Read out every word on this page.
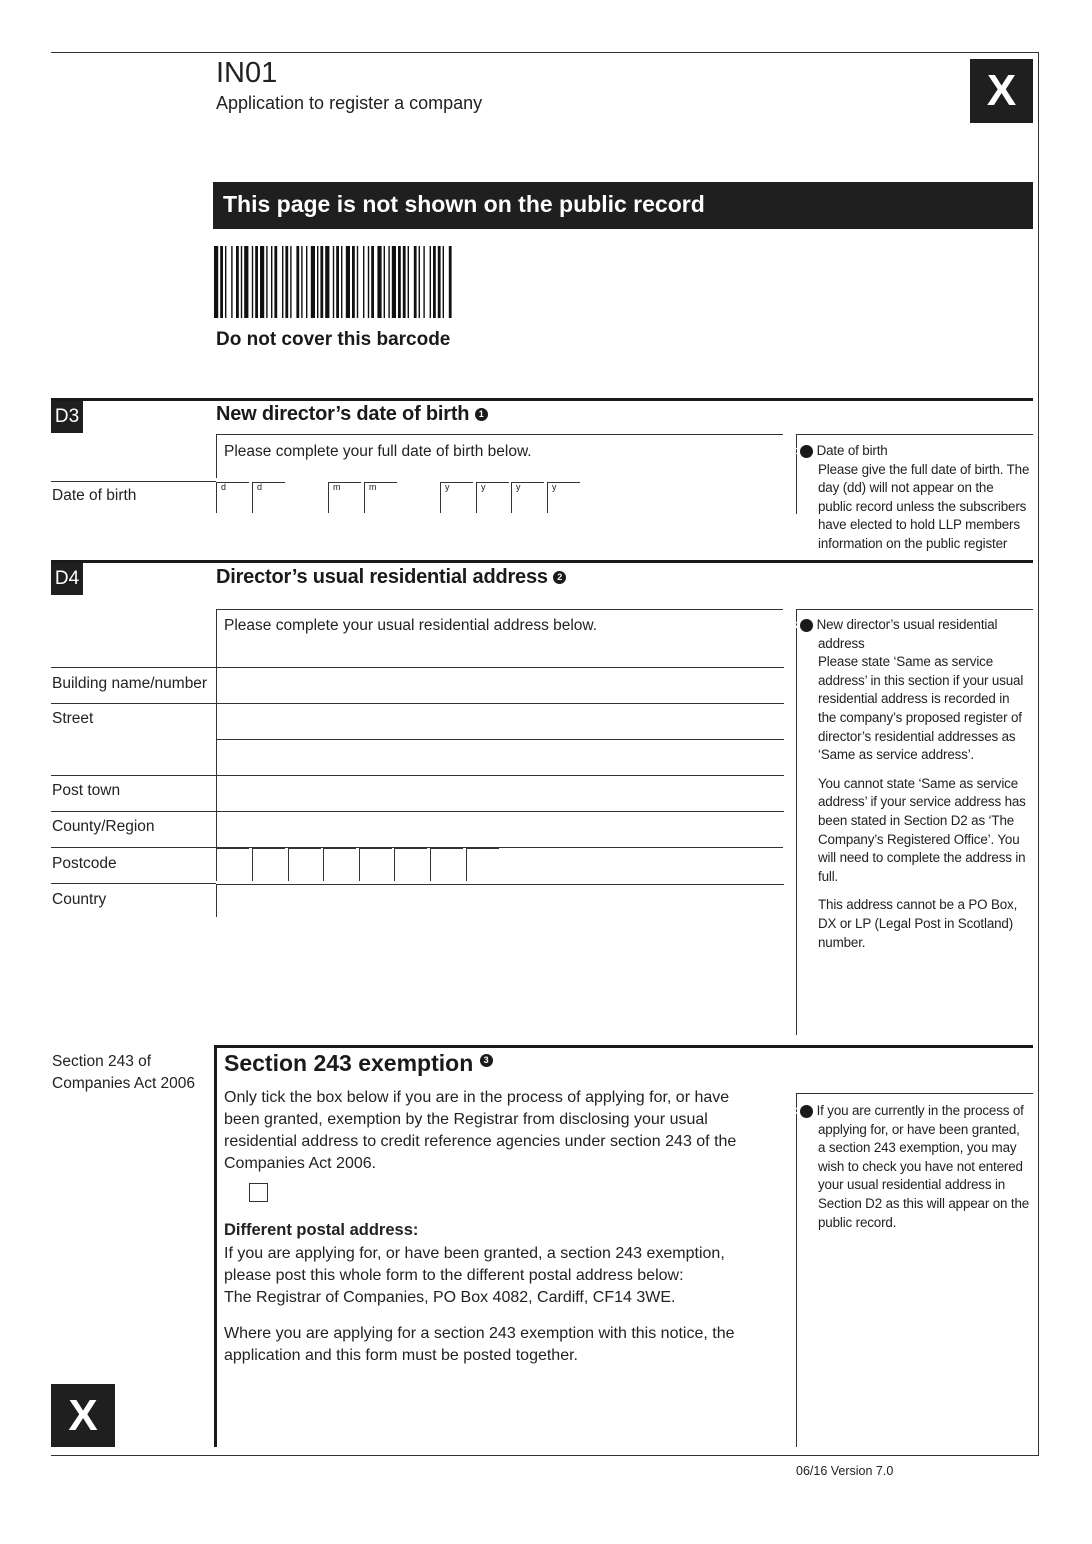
IN01
Application to register a company	X
This page is not shown on the public record
Do not cover this barcode
D3	New director’s date of birth 1
Please complete your full date of birth below.
Date of birth	d	d	m	m	y	y	y	y

1 Date of birth

Please give the full date of birth. The day (dd) will not appear on the public record unless the subscribers have elected to hold LLP members information on the public register

D4	Director’s usual residential address 2
Please complete your usual residential address below.
Building name/number
Street
Post town
County/Region
Postcode
Country

2 New director’s usual residential address

Please state ‘Same as service address’ in this section if your usual residential address is recorded in the company’s proposed register of director’s residential addresses as ‘Same as service address’.

You cannot state ‘Same as service address’ if your service address has been stated in Section D2 as ‘The Company’s Registered Office’. You will need to complete the address in full.

This address cannot be a PO Box, DX or LP (Legal Post in Scotland) number.

Section 243 of
Companies Act 2006
Section 243 exemption 3
Only tick the box below if you are in the process of applying for, or have been granted, exemption by the Registrar from disclosing your usual residential address to credit reference agencies under section 243 of the Companies Act 2006.
Different postal address:
If you are applying for, or have been granted, a section 243 exemption, please post this whole form to the different postal address below:
The Registrar of Companies, PO Box 4082, Cardiff, CF14 3WE.
Where you are applying for a section 243 exemption with this notice, the application and this form must be posted together.

3 If you are currently in the process of applying for, or have been granted, a section 243 exemption, you may wish to check you have not entered your usual residential address in Section D2 as this will appear on the public record.

X
06/16 Version 7.0
